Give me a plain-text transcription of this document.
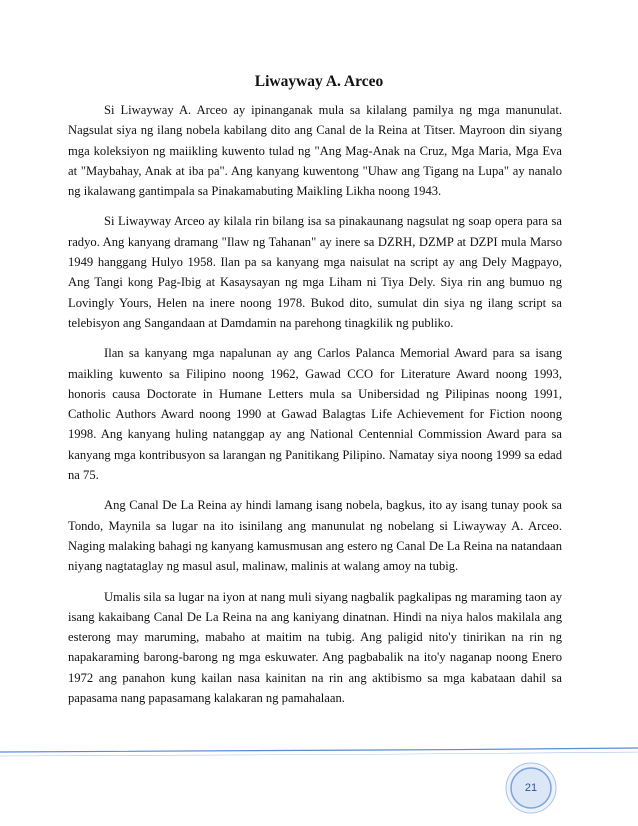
Liwayway A. Arceo

Si Liwayway A. Arceo ay ipinanganak mula sa kilalang pamilya ng mga manunulat. Nagsulat siya ng ilang nobela kabilang dito ang Canal de la Reina at Titser. Mayroon din siyang mga koleksiyon ng maiikling kuwento tulad ng "Ang Mag-Anak na Cruz, Mga Maria, Mga Eva at "Maybahay, Anak at iba pa". Ang kanyang kuwentong "Uhaw ang Tigang na Lupa" ay nanalo ng ikalawang gantimpala sa Pinakamabuting Maikling Likha noong 1943.

Si Liwayway Arceo ay kilala rin bilang isa sa pinakaunang nagsulat ng soap opera para sa radyo. Ang kanyang dramang "Ilaw ng Tahanan" ay inere sa DZRH, DZMP at DZPI mula Marso 1949 hanggang Hulyo 1958. Ilan pa sa kanyang mga naisulat na script ay ang Dely Magpayo, Ang Tangi kong Pag-Ibig at Kasaysayan ng mga Liham ni Tiya Dely. Siya rin ang bumuo ng Lovingly Yours, Helen na inere noong 1978. Bukod dito, sumulat din siya ng ilang script sa telebisyon ang Sangandaan at Damdamin na parehong tinagkilik ng publiko.

Ilan sa kanyang mga napalunan ay ang Carlos Palanca Memorial Award para sa isang maikling kuwento sa Filipino noong 1962, Gawad CCO for Literature Award noong 1993, honoris causa Doctorate in Humane Letters mula sa Unibersidad ng Pilipinas noong 1991, Catholic Authors Award noong 1990 at Gawad Balagtas Life Achievement for Fiction noong 1998. Ang kanyang huling natanggap ay ang National Centennial Commission Award para sa kanyang mga kontribusyon sa larangan ng Panitikang Pilipino. Namatay siya noong 1999 sa edad na 75.

Ang Canal De La Reina ay hindi lamang isang nobela, bagkus, ito ay isang tunay pook sa Tondo, Maynila sa lugar na ito isinilang ang manunulat ng nobelang si Liwayway A. Arceo. Naging malaking bahagi ng kanyang kamusmusan ang estero ng Canal De La Reina na natandaan niyang nagtataglay ng masul asul, malinaw, malinis at walang amoy na tubig.

Umalis sila sa lugar na iyon at nang muli siyang nagbalik pagkalipas ng maraming taon ay isang kakaibang Canal De La Reina na ang kaniyang dinatnan. Hindi na niya halos makilala ang esterong may maruming, mabaho at maitim na tubig. Ang paligid nito'y tinirikan na rin ng napakaraming barong-barong ng mga eskuwater. Ang pagbabalik na ito'y naganap noong Enero 1972 ang panahon kung kailan nasa kainitan na rin ang aktibismo sa mga kabataan dahil sa papasama nang papasamang kalakaran ng pamahalaan.

21
